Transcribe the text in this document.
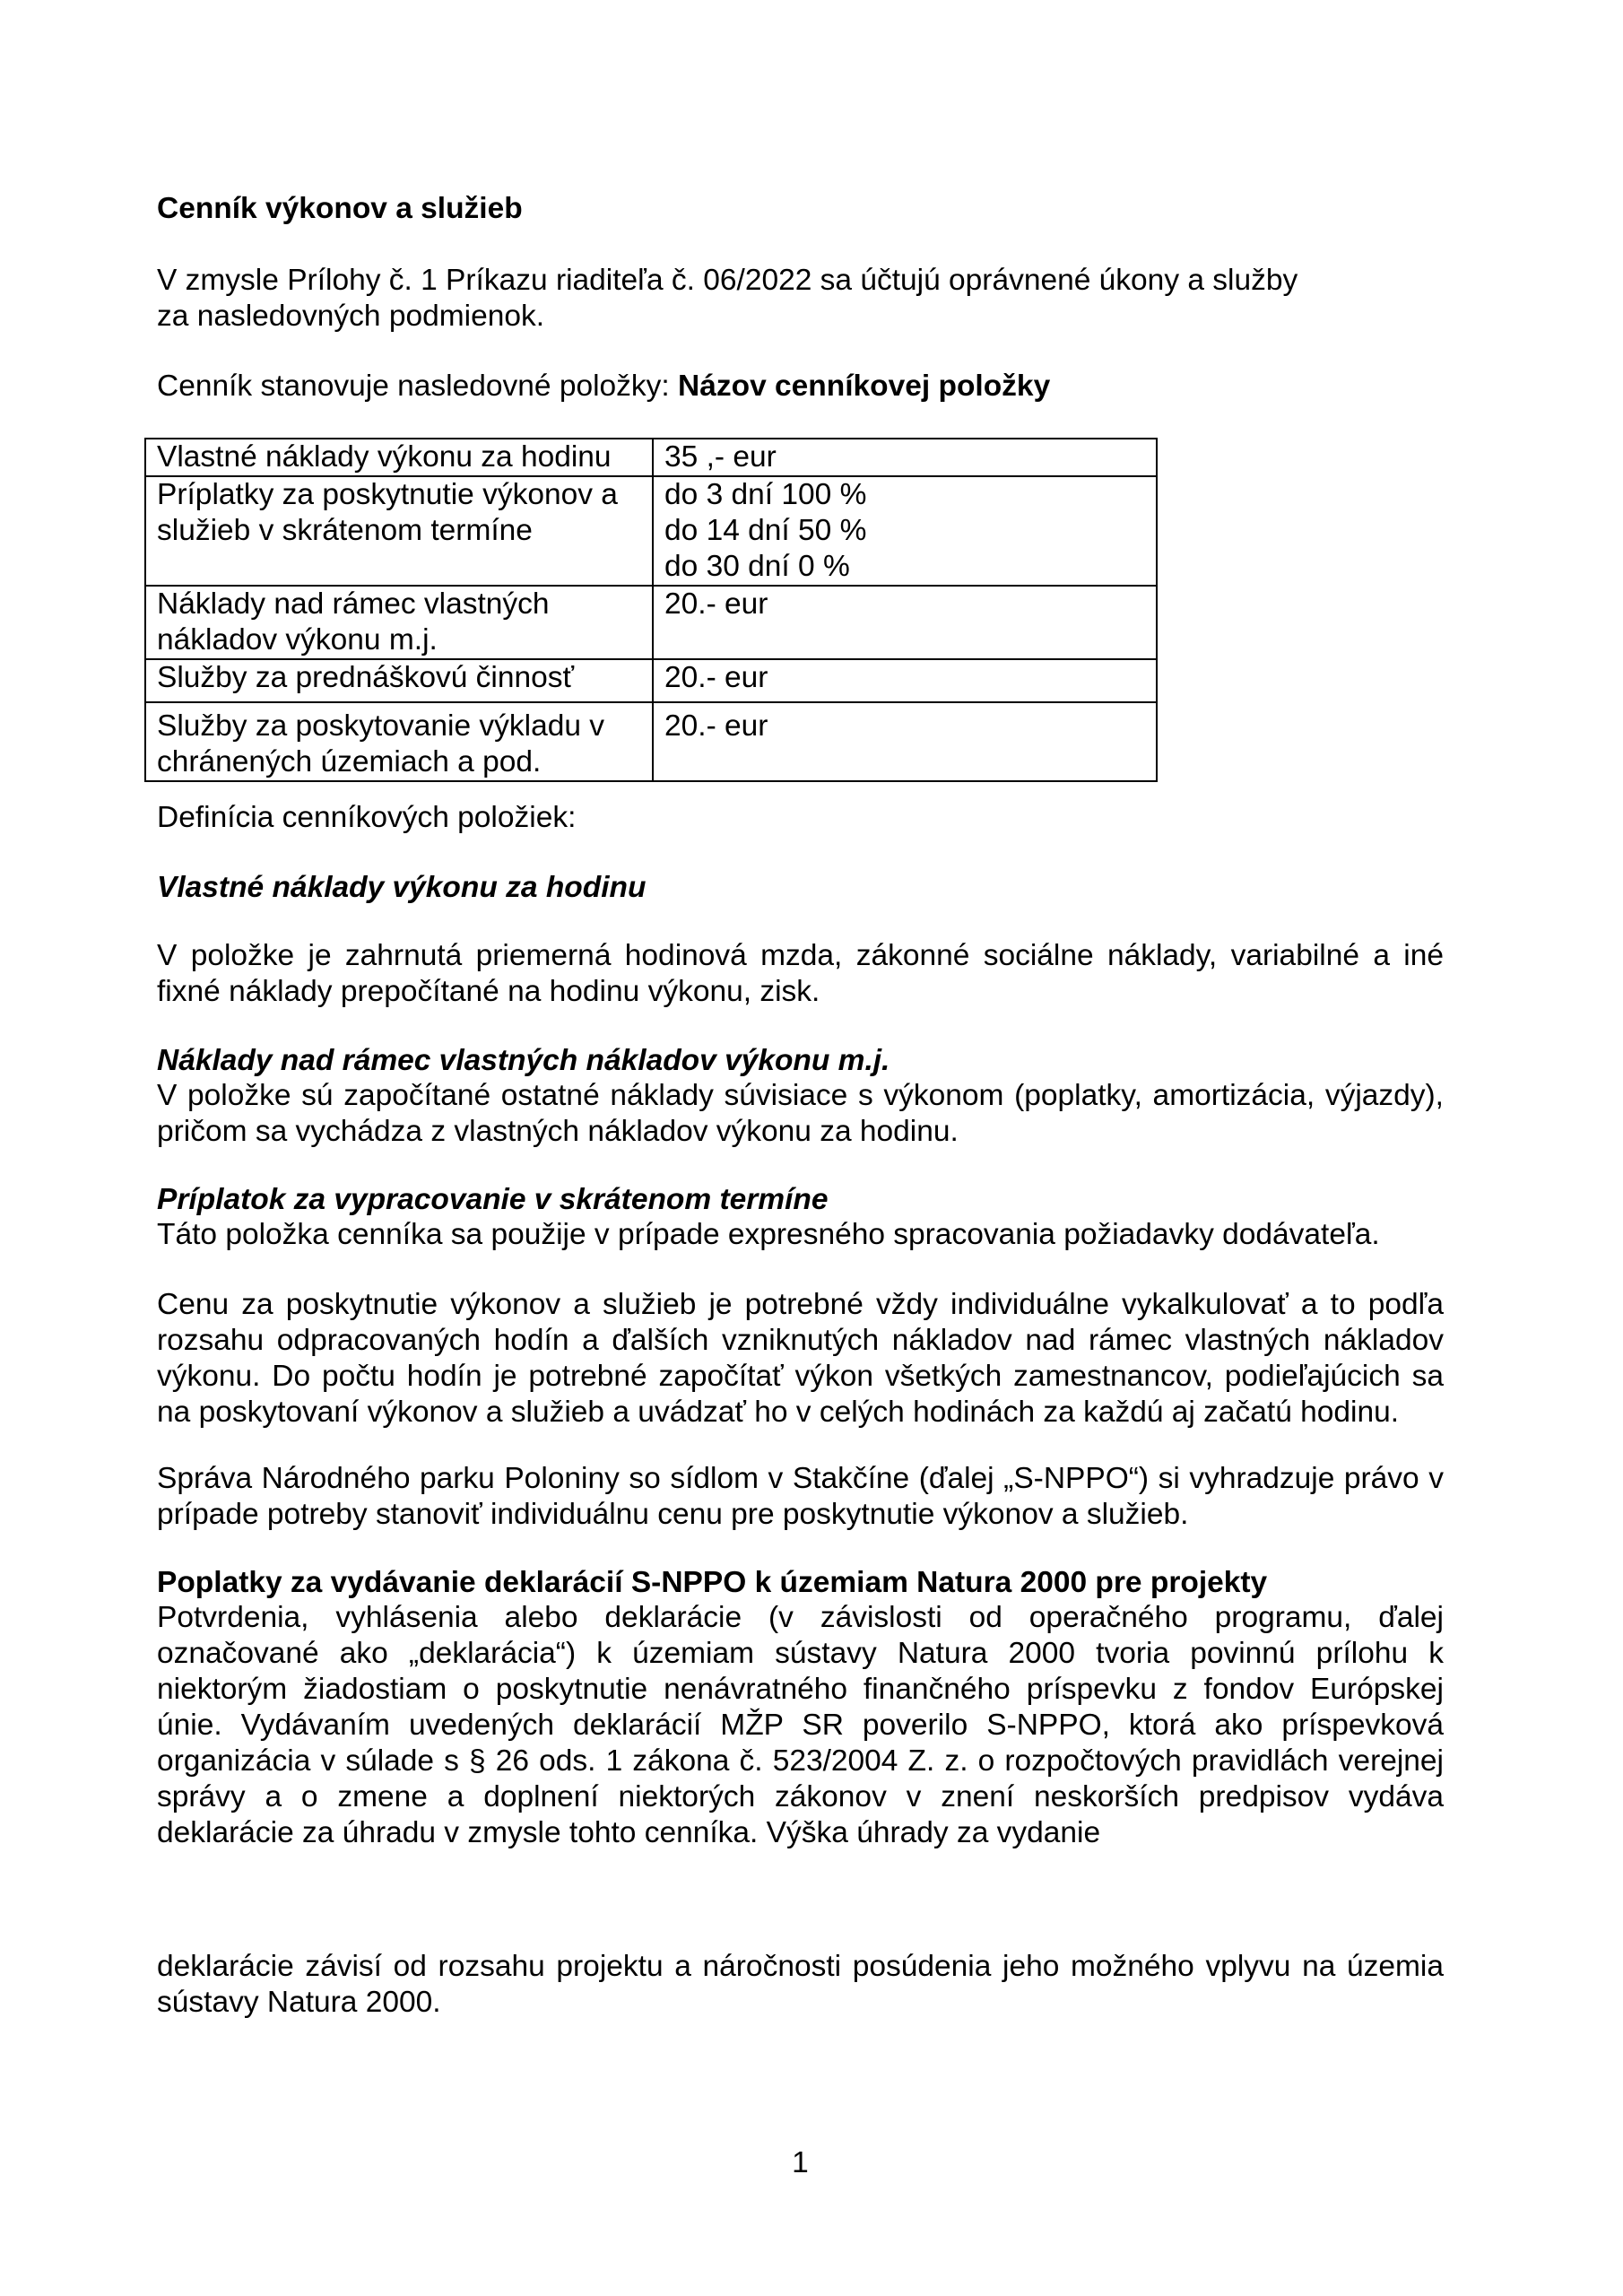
Cenník výkonov a služieb
V zmysle Prílohy č. 1 Príkazu riaditeľa č. 06/2022 sa účtujú oprávnené úkony a služby za nasledovných podmienok.
Cenník stanovuje nasledovné položky: Názov cenníkovej položky
Vlastné náklady výkonu za hodinu	35 ,- eur

Príplatky za poskytnutie výkonov a služieb v skrátenom termíne	do 3 dní 100 %
do 14 dní 50 %
do 30 dní 0 %

Náklady nad rámec vlastných nákladov výkonu m.j.	20.- eur

Služby za prednáškovú činnosť	20.- eur

Služby za poskytovanie výkladu v chránených územiach a pod.	20.- eur
Definícia cenníkových položiek:
Vlastné náklady výkonu za hodinu
V položke je zahrnutá priemerná hodinová mzda, zákonné sociálne náklady, variabilné a iné fixné náklady prepočítané na hodinu výkonu, zisk.
Náklady nad rámec vlastných nákladov výkonu m.j.
V položke sú započítané ostatné náklady súvisiace s výkonom (poplatky, amortizácia, výjazdy), pričom sa vychádza z vlastných nákladov výkonu za hodinu.
Príplatok za vypracovanie v skrátenom termíne
Táto položka cenníka sa použije v prípade expresného spracovania požiadavky dodávateľa.
Cenu za poskytnutie výkonov a služieb je potrebné vždy individuálne vykalkulovať a to podľa rozsahu odpracovaných hodín a ďalších vzniknutých nákladov nad rámec vlastných nákladov výkonu. Do počtu hodín je potrebné započítať výkon všetkých zamestnancov, podieľajúcich sa na poskytovaní výkonov a služieb a uvádzať ho v celých hodinách za každú aj začatú hodinu.
Správa Národného parku Poloniny so sídlom v Stakčíne (ďalej „S-NPPO“) si vyhradzuje právo v prípade potreby stanoviť individuálnu cenu pre poskytnutie výkonov a služieb.
Poplatky za vydávanie deklarácií S-NPPO k územiam Natura 2000 pre projekty
Potvrdenia, vyhlásenia alebo deklarácie (v závislosti od operačného programu, ďalej označované ako „deklarácia“) k územiam sústavy Natura 2000 tvoria povinnú prílohu k niektorým žiadostiam o poskytnutie nenávratného finančného príspevku z fondov Európskej únie. Vydávaním uvedených deklarácií MŽP SR poverilo S-NPPO, ktorá ako príspevková organizácia v súlade s § 26 ods. 1 zákona č. 523/2004 Z. z. o rozpočtových pravidlách verejnej správy a o zmene a doplnení niektorých zákonov v znení neskorších predpisov vydáva deklarácie za úhradu v zmysle tohto cenníka. Výška úhrady za vydanie
deklarácie závisí od rozsahu projektu a náročnosti posúdenia jeho možného vplyvu na územia sústavy Natura 2000.
1
